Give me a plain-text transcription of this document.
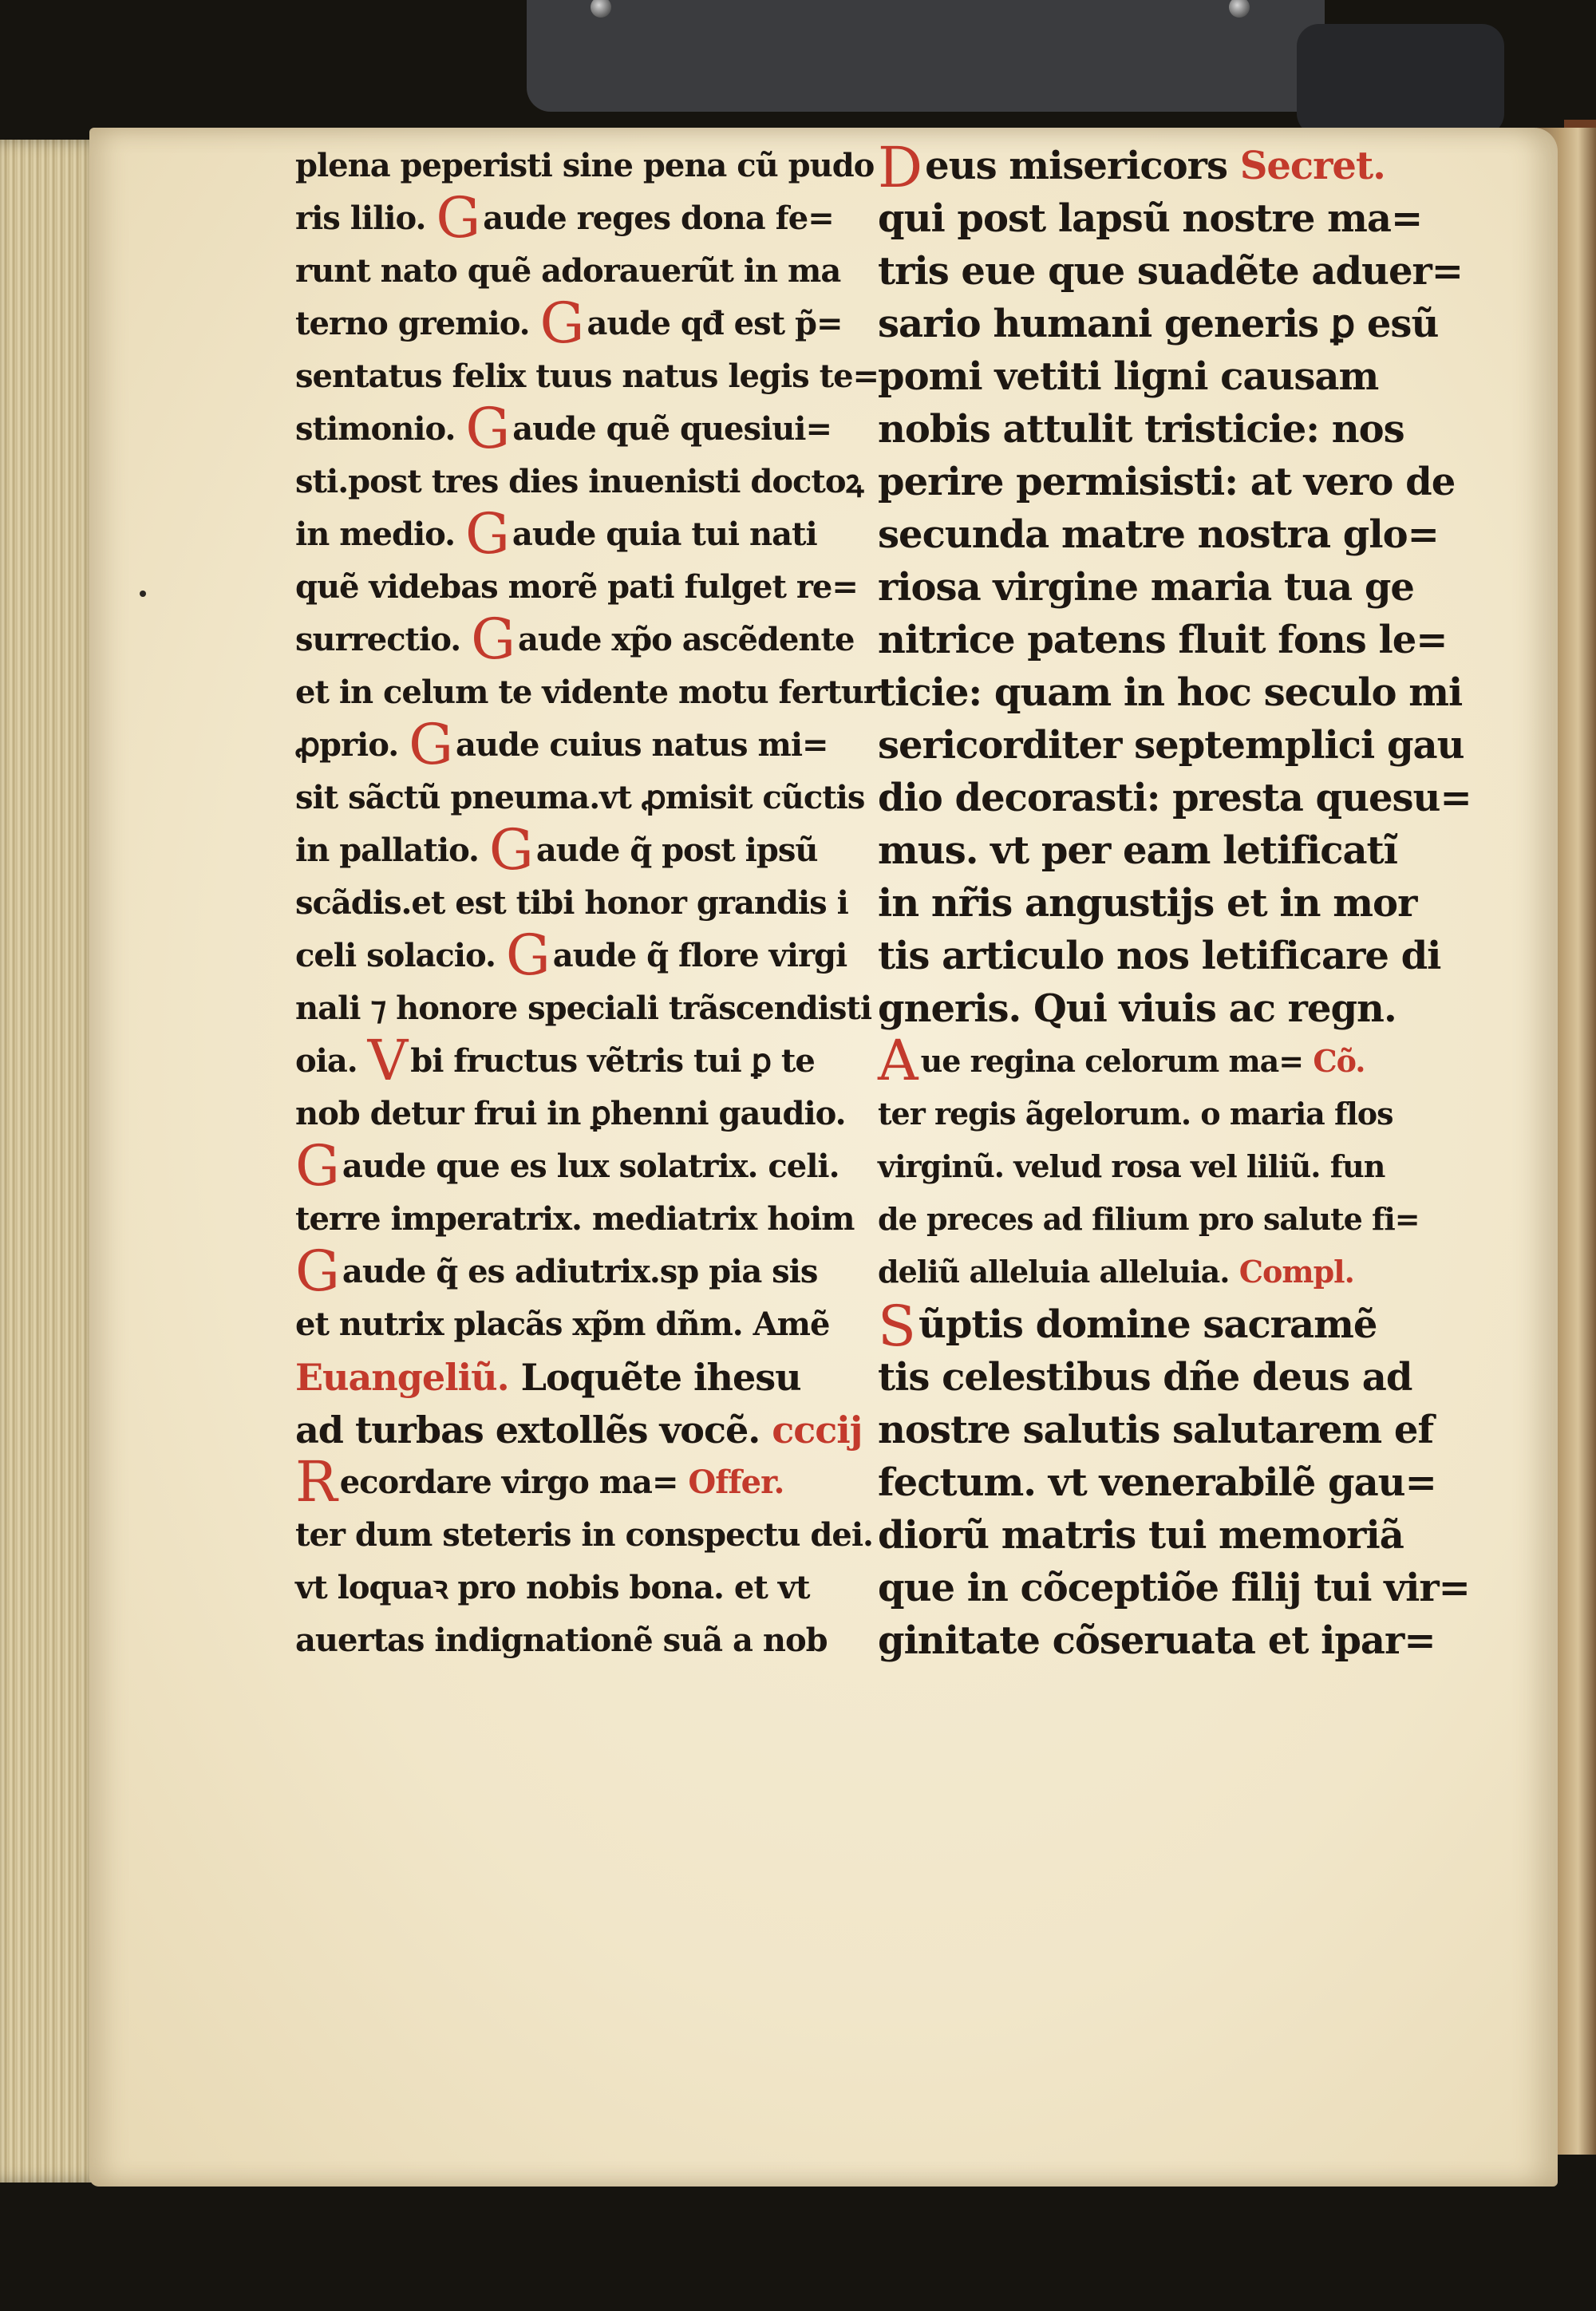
plena peperisti sine pena cũ pudo
ris lilio. G aude reges dona fe=
runt nato quẽ adorauerũt in ma
terno gremio. G aude qđ est p̃=
sentatus felix tuus natus legis te=
stimonio. G aude quẽ quesiui=
sti.post tres dies inuenisti doctoꝝ
in medio. G aude quia tui nati
quẽ videbas morẽ pati fulget re=
surrectio. G aude xp̃o ascẽdente
et in celum te vidente motu fertur
ꝓprio. G aude cuius natus mi=
sit sãctũ pneuma.vt ꝓmisit cũctis
in pallatio. G aude q̃ post ipsũ
scãdis.et est tibi honor grandis i
celi solacio. G aude q̃ flore virgi
nali ⁊ honore speciali trãscendisti
oia. V bi fructus vẽtris tui ꝑ te
nob detur frui in ꝑhenni gaudio.
Gaude que es lux solatrix. celi.
terre imperatrix. mediatrix hoim
Gaude q̃ es adiutrix.sp pia sis
et nutrix placãs xp̃m dñm. Amẽ
Euangeliũ. Loquẽte ihesu
ad turbas extollẽs vocẽ. cccij
Recordare virgo ma= Offer.
ter dum steteris in conspectu dei.
vt loquaꝛ pro nobis bona. et vt
auertas indignationẽ suã a nob
Deus misericors Secret.
qui post lapsũ nostre ma=
tris eue que suadẽte aduer=
sario humani generis ꝑ esũ
pomi vetiti ligni causam
nobis attulit tristicie: nos
perire permisisti: at vero de
secunda matre nostra glo=
riosa virgine maria tua ge
nitrice patens fluit fons le=
ticie: quam in hoc seculo mi
sericorditer septemplici gau
dio decorasti: presta quesu=
mus. vt per eam letificatĩ
in nr̃is angustijs et in mor
tis articulo nos letificare di
gneris. Qui viuis ac regn.
Aue regina celorum ma= Cõ.
ter regis ãgelorum. o maria flos
virginũ. velud rosa vel liliũ. fun
de preces ad filium pro salute fi=
deliũ alleluia alleluia. Compl.
Sũptis domine sacramẽ
tis celestibus dñe deus ad
nostre salutis salutarem ef
fectum. vt venerabilẽ gau=
diorũ matris tui memoriã
que in cõceptiõe filij tui vir=
ginitate cõseruata et ipar=
